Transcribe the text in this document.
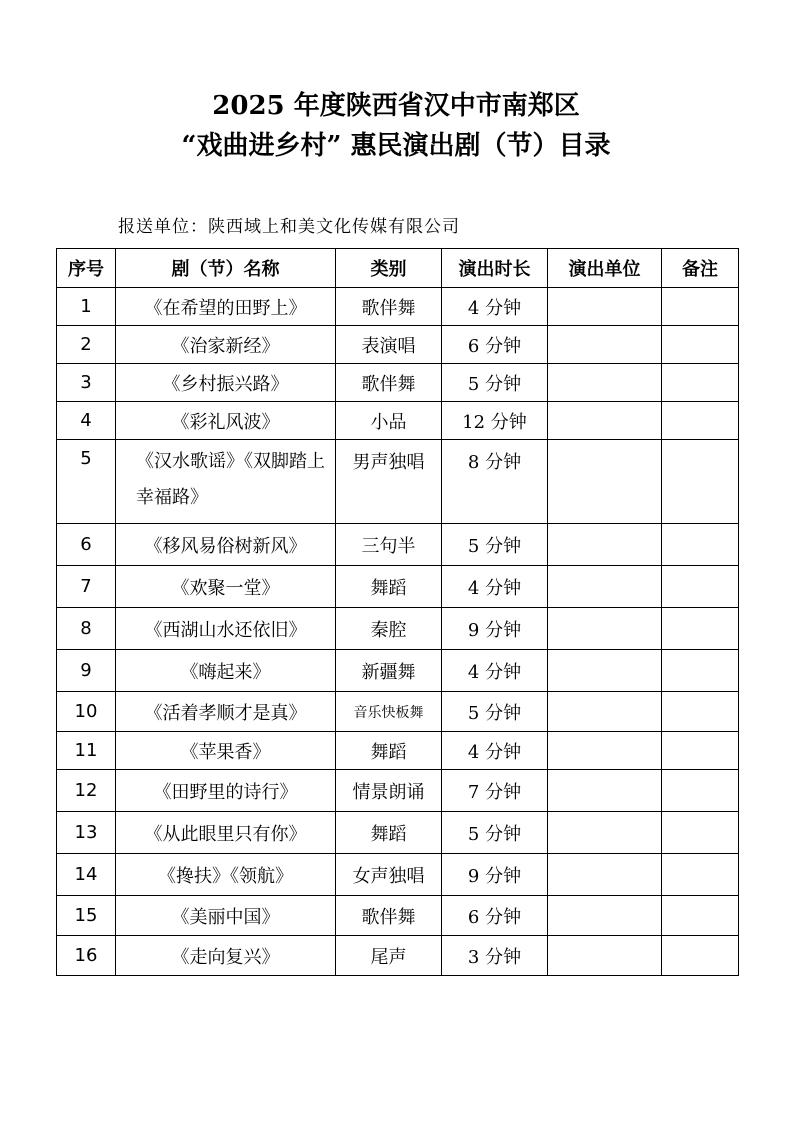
2025 年度陕西省汉中市南郑区
“戏曲进乡村” 惠民演出剧（节）目录
报送单位：陕西域上和美文化传媒有限公司
序号	剧（节）名称	类别	演出时长	演出单位	备注
1	《在希望的田野上》	歌伴舞	4 分钟		
2	《治家新经》	表演唱	6 分钟		
3	《乡村振兴路》	歌伴舞	5 分钟		
4	《彩礼风波》	小品	12 分钟		
5	《汉水歌谣》《双脚踏上幸福路》	男声独唱	8 分钟		
6	《移风易俗树新风》	三句半	5 分钟		
7	《欢聚一堂》	舞蹈	4 分钟		
8	《西湖山水还依旧》	秦腔	9 分钟		
9	《嗨起来》	新疆舞	4 分钟		
10	《活着孝顺才是真》	音乐快板舞	5 分钟		
11	《苹果香》	舞蹈	4 分钟		
12	《田野里的诗行》	情景朗诵	7 分钟		
13	《从此眼里只有你》	舞蹈	5 分钟		
14	《搀扶》《领航》	女声独唱	9 分钟		
15	《美丽中国》	歌伴舞	6 分钟		
16	《走向复兴》	尾声	3 分钟		
